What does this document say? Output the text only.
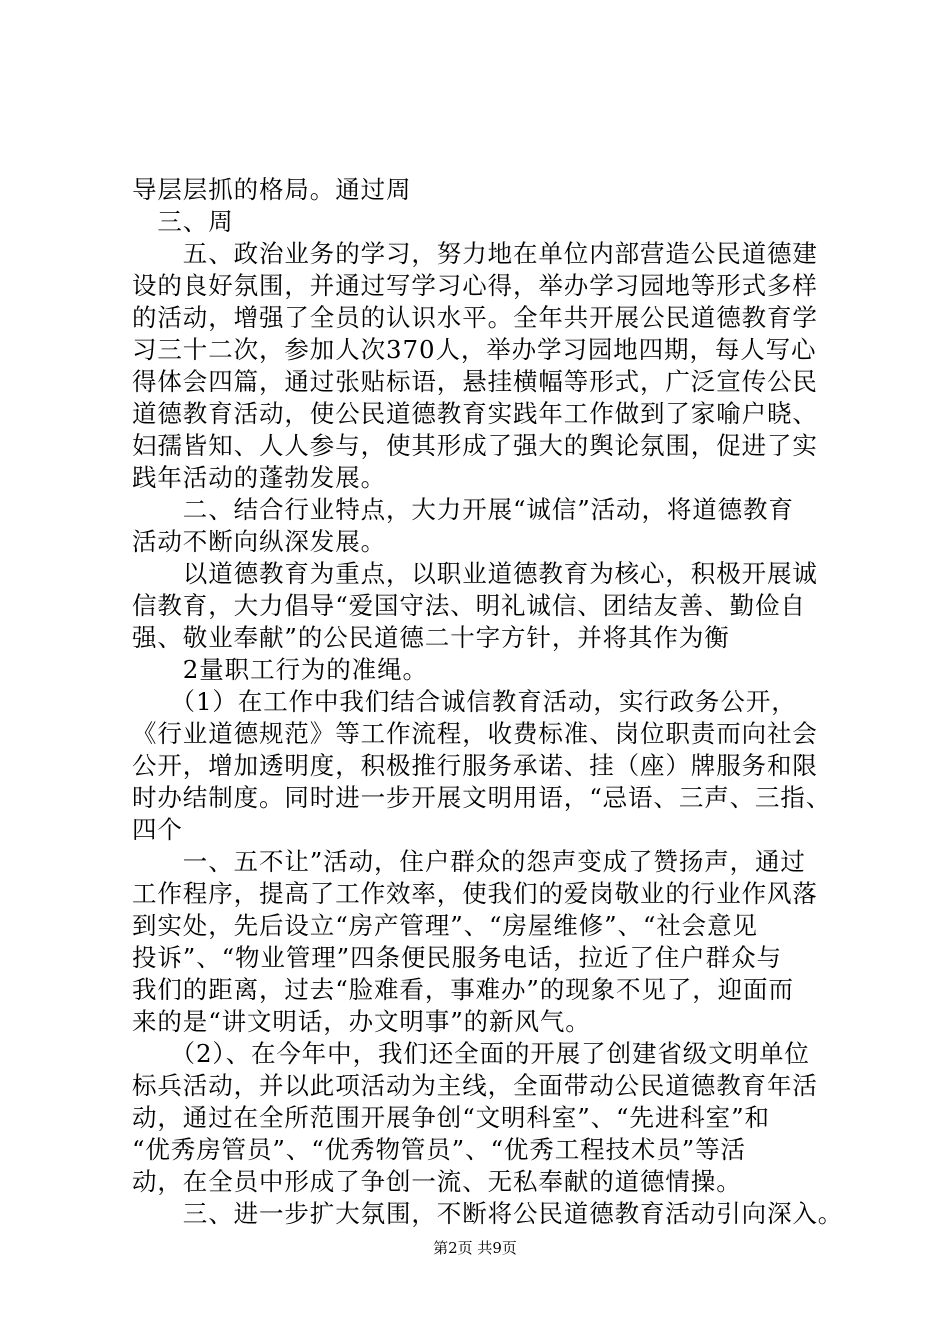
导层层抓的格局。通过周
　三、周
　　五、政治业务的学习，努力地在单位内部营造公民道德建
设的良好氛围，并通过写学习心得，举办学习园地等形式多样
的活动，增强了全员的认识水平。全年共开展公民道德教育学
习三十二次，参加人次370人，举办学习园地四期，每人写心
得体会四篇，通过张贴标语，悬挂横幅等形式，广泛宣传公民
道德教育活动，使公民道德教育实践年工作做到了家喻户晓、
妇孺皆知、人人参与，使其形成了强大的舆论氛围，促进了实
践年活动的蓬勃发展。
　　二、结合行业特点，大力开展“诚信”活动，将道德教育
活动不断向纵深发展。
　　以道德教育为重点，以职业道德教育为核心，积极开展诚
信教育，大力倡导“爱国守法、明礼诚信、团结友善、勤俭自
强、敬业奉献”的公民道德二十字方针，并将其作为衡
　　2量职工行为的准绳。
　　（1）在工作中我们结合诚信教育活动，实行政务公开，
《行业道德规范》等工作流程，收费标准、岗位职责而向社会
公开，增加透明度，积极推行服务承诺、挂（座）牌服务和限
时办结制度。同时进一步开展文明用语，“忌语、三声、三指、
四个
　　一、五不让”活动，住户群众的怨声变成了赞扬声，通过
工作程序，提高了工作效率，使我们的爱岗敬业的行业作风落
到实处，先后设立“房产管理”、“房屋维修”、“社会意见
投诉”、“物业管理”四条便民服务电话，拉近了住户群众与
我们的距离，过去“脸难看，事难办”的现象不见了，迎面而
来的是“讲文明话，办文明事”的新风气。
　　（2）、在今年中，我们还全面的开展了创建省级文明单位
标兵活动，并以此项活动为主线，全面带动公民道德教育年活
动，通过在全所范围开展争创“文明科室”、“先进科室”和
“优秀房管员”、“优秀物管员”、“优秀工程技术员”等活
动，在全员中形成了争创一流、无私奉献的道德情操。
　　三、进一步扩大氛围，不断将公民道德教育活动引向深入。
第2页 共9页
